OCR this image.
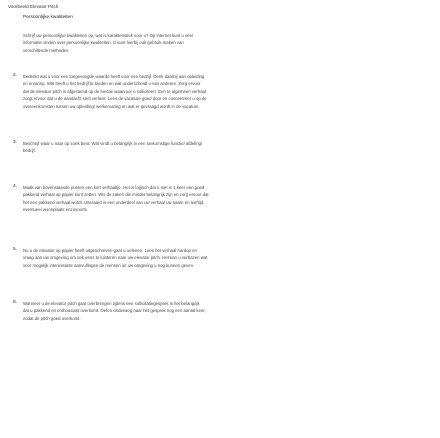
Voorbeeld Elevator Pitch
Persoonlijke kwaliteiten
Schrijf uw persoonlijke kwaliteiten op, wat is karakteristiek voor u? Op internet kunt u veel
informatie vinden over persoonlijke kwaliteiten. U kunt hierbij ook gebruik maken van
verschillende methodes.
2. Bedenkt wat u voor een toegevoegde waarde heeft voor een bedrijf. Denk daarbij aan opleiding
en ervaring. Wat heeft u het bedrijf te bieden en wat onderscheidt u van anderen. Zorg ervoor
dat de elevator pitch is afgestemd op de functie waarvoor u solliciteert. Een te algemeen verhaal
zorgt ervoor dat u de aandacht snel verliest. Lees de vacature goed door en concentreer u op de
overeenkomsten tussen uw opleiding/ werkervaring en wat er gevraagd wordt in de vacature.
3. Beschrijf waar u naar op zoek bent. Wat vindt u belangrijk in een toekomstige functie/ afdeling/
bedrijf.
4. Maak van bovenstaande punten een kort verhaaltje. Het is logisch dat u niet in 1 keer een goed
pakkend verhaal op papier kunt zetten. Wis de zaken die minder belangrijk zijn en zorg ervoor dat
het een pakkend verhaal wordt. Uiteraard is een onderdeel van uw verhaal uw naam en leeftijd,
eventueel woonplaats enzovoorts.
5. Nu u de elevator op papier heeft uitgeschreven gaat u oefenen. Lees het verhaal hardop en
vraag aan uw omgeving om ook eens te luisteren naar uw elevator pitch. Het kan u verbazen wat
voor mogelijk interessante aanvullingen de mensen uit uw omgeving u nog kunnen geven.
6. Wanneer u de elevator pitch gaat overbrengen tijdens een sollicitatiegesprek is het belangrijk
dat u pakkend en enthousiast overkomt. Oefen onderweg naar het gesprek nog een aantal keer,
zodat de pitch goed overkomt.
